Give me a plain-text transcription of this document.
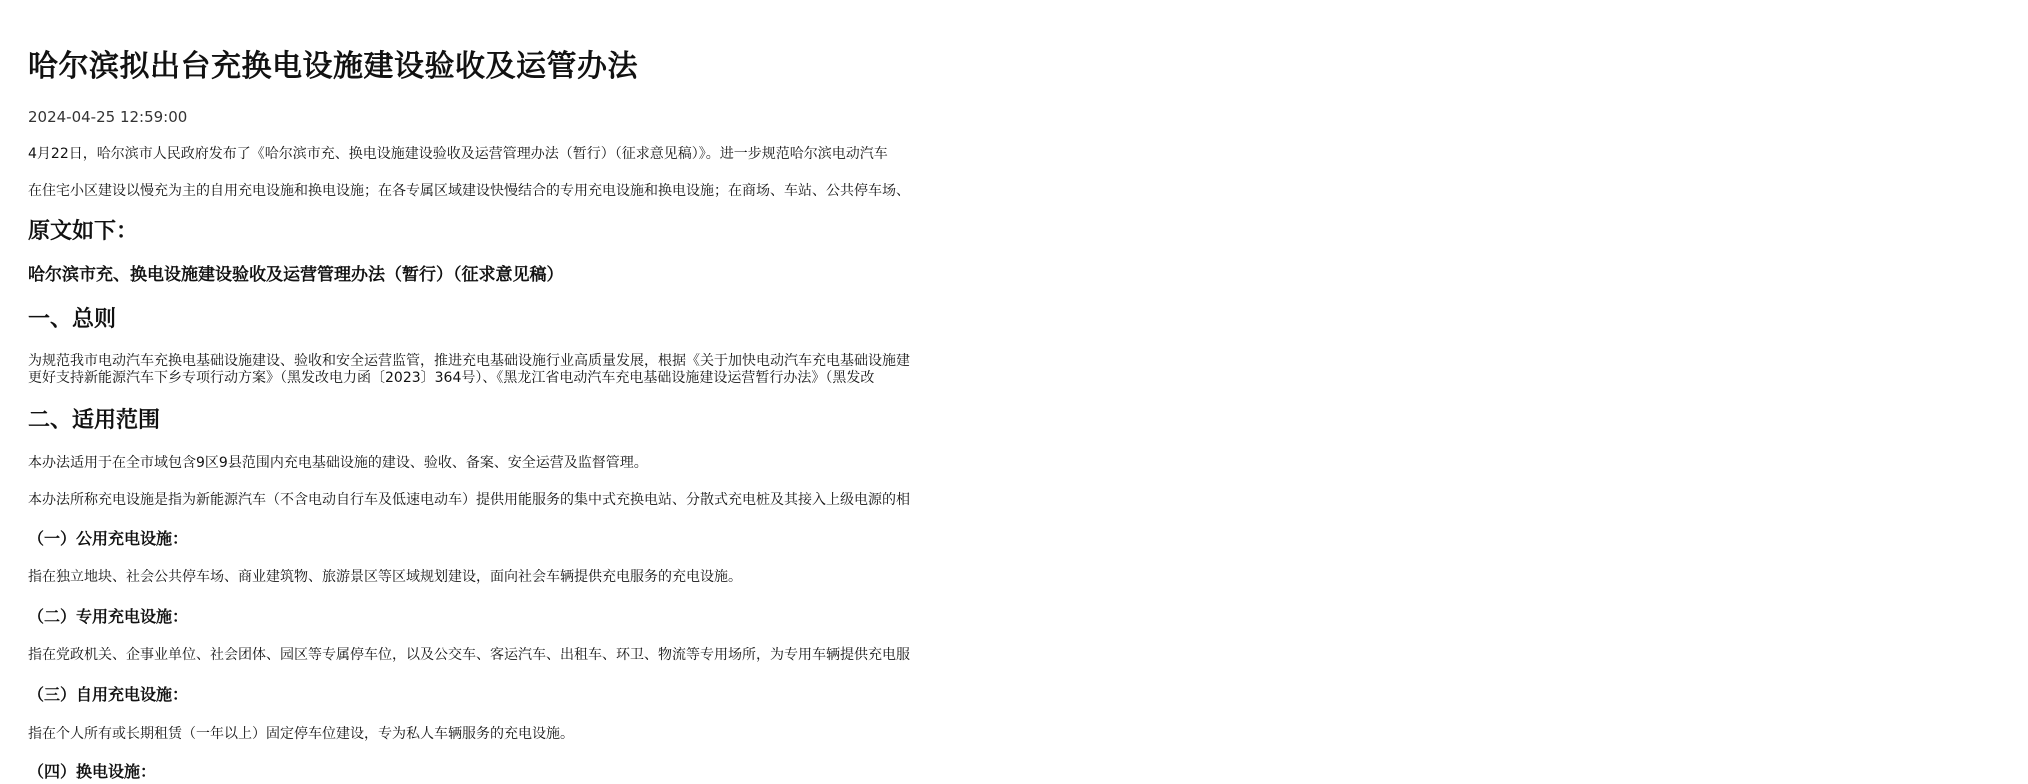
哈尔滨拟出台充换电设施建设验收及运管办法
2024-04-25 12:59:00

4月22日，哈尔滨市人民政府发布了《哈尔滨市充、换电设施建设验收及运营管理办法（暂行）（征求意见稿）》。进一步规范哈尔滨电动汽车

在住宅小区建设以慢充为主的自用充电设施和换电设施；在各专属区域建设快慢结合的专用充电设施和换电设施；在商场、车站、公共停车场、

原文如下：
哈尔滨市充、换电设施建设验收及运营管理办法（暂行）（征求意见稿）
一、总则

为规范我市电动汽车充换电基础设施建设、验收和安全运营监管，推进充电基础设施行业高质量发展，根据《关于加快电动汽车充电基础设施建

更好支持新能源汽车下乡专项行动方案》（黑发改电力函〔2023〕364号）、《黑龙江省电动汽车充电基础设施建设运营暂行办法》（黑发改

二、适用范围

本办法适用于在全市域包含9区9县范围内充电基础设施的建设、验收、备案、安全运营及监督管理。

本办法所称充电设施是指为新能源汽车（不含电动自行车及低速电动车）提供用能服务的集中式充换电站、分散式充电桩及其接入上级电源的相

（一）公用充电设施：

指在独立地块、社会公共停车场、商业建筑物、旅游景区等区域规划建设，面向社会车辆提供充电服务的充电设施。

（二）专用充电设施：

指在党政机关、企事业单位、社会团体、园区等专属停车位，以及公交车、客运汽车、出租车、环卫、物流等专用场所，为专用车辆提供充电服

（三）自用充电设施：

指在个人所有或长期租赁（一年以上）固定停车位建设，专为私人车辆服务的充电设施。

（四）换电设施：
